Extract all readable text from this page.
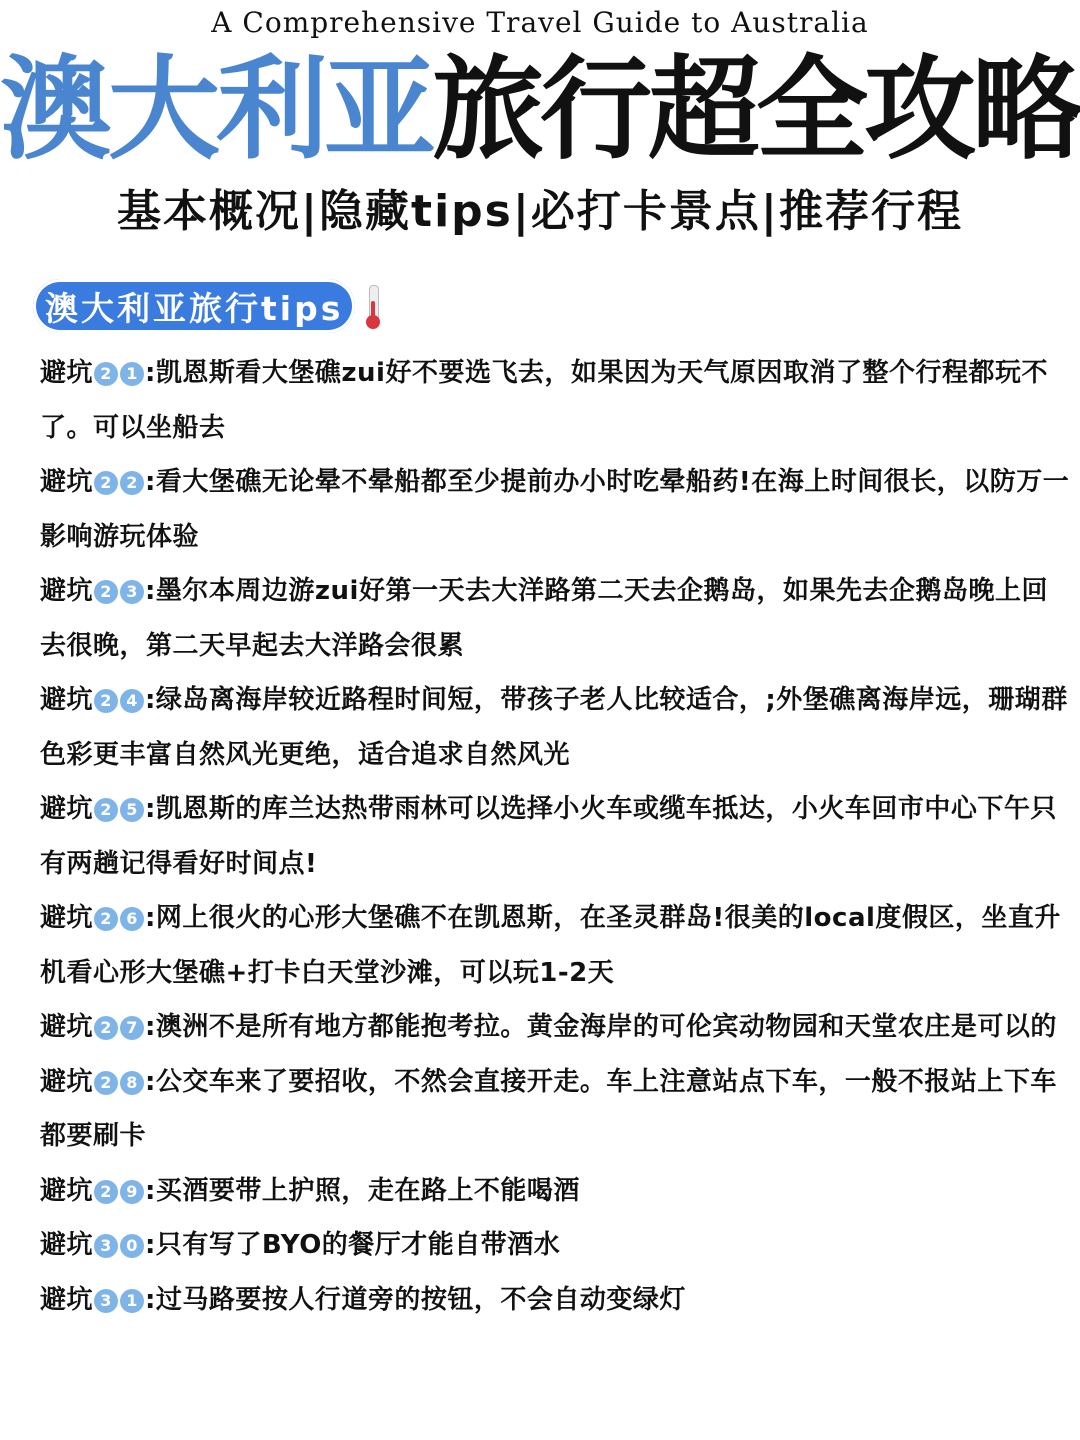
A Comprehensive Travel Guide to Australia
澳大利亚旅行超全攻略
基本概况|隐藏tips|必打卡景点|推荐行程
澳大利亚旅行tips
避坑 2 1 :凯恩斯看大堡礁zui好不要选飞去，如果因为天气原因取消了整个行程都玩不了。可以坐船去
避坑 2 2 :看大堡礁无论晕不晕船都至少提前办小时吃晕船药!在海上时间很长，以防万一影响游玩体验
避坑 2 3 :墨尔本周边游zui好第一天去大洋路第二天去企鹅岛，如果先去企鹅岛晚上回去很晚，第二天早起去大洋路会很累
避坑 2 4 :绿岛离海岸较近路程时间短，带孩子老人比较适合，;外堡礁离海岸远，珊瑚群色彩更丰富自然风光更绝，适合追求自然风光
避坑 2 5 :凯恩斯的库兰达热带雨林可以选择小火车或缆车抵达，小火车回市中心下午只有两趟记得看好时间点!
避坑 2 6 :网上很火的心形大堡礁不在凯恩斯，在圣灵群岛!很美的local度假区，坐直升机看心形大堡礁+打卡白天堂沙滩，可以玩1-2天
避坑 2 7 :澳洲不是所有地方都能抱考拉。黄金海岸的可伦宾动物园和天堂农庄是可以的
避坑 2 8 :公交车来了要招收，不然会直接开走。车上注意站点下车，一般不报站上下车都要刷卡
避坑 2 9 :买酒要带上护照，走在路上不能喝酒
避坑 3 0 :只有写了BYO的餐厅才能自带酒水
避坑 3 1 :过马路要按人行道旁的按钮，不会自动变绿灯
